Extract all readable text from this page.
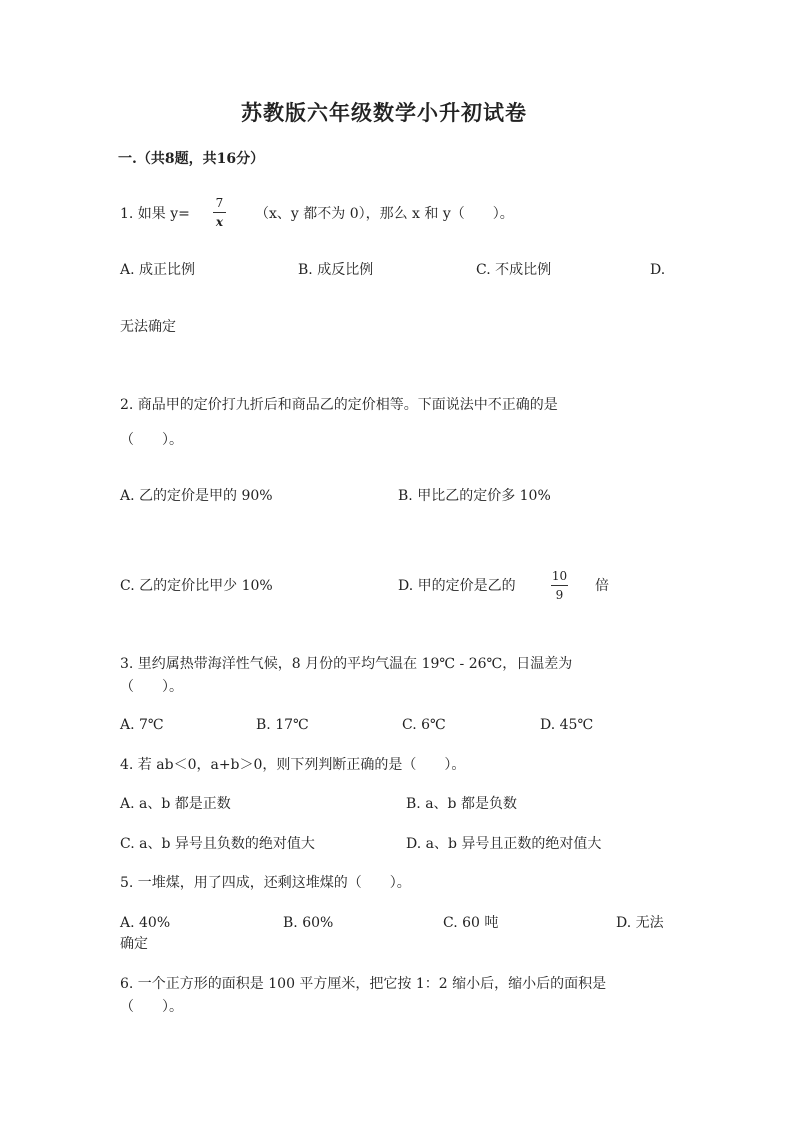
苏教版六年级数学小升初试卷
一.（共8题，共16分）
1. 如果 y=
7
x （x、y 都不为 0），那么 x 和 y（　　）。
A. 成正比例	B. 成反比例	C. 不成比例	D.
无法确定
2. 商品甲的定价打九折后和商品乙的定价相等。下面说法中不正确的是
（　　）。
A. 乙的定价是甲的 90%	B. 甲比乙的定价多 10%
C. 乙的定价比甲少 10%	D. 甲的定价是乙的
10
9
倍
3. 里约属热带海洋性气候，8 月份的平均气温在 19℃ - 26℃，日温差为
（　　）。
A. 7℃	B. 17℃	C. 6℃	D. 45℃
4. 若 ab＜0，a+b＞0，则下列判断正确的是（　　）。
A. a、b 都是正数	B. a、b 都是负数
C. a、b 异号且负数的绝对值大	D. a、b 异号且正数的绝对值大
5. 一堆煤，用了四成，还剩这堆煤的（　　）。
A. 40%	B. 60%	C. 60 吨	D. 无法
确定
6. 一个正方形的面积是 100 平方厘米，把它按 1：2 缩小后，缩小后的面积是
（　　）。
